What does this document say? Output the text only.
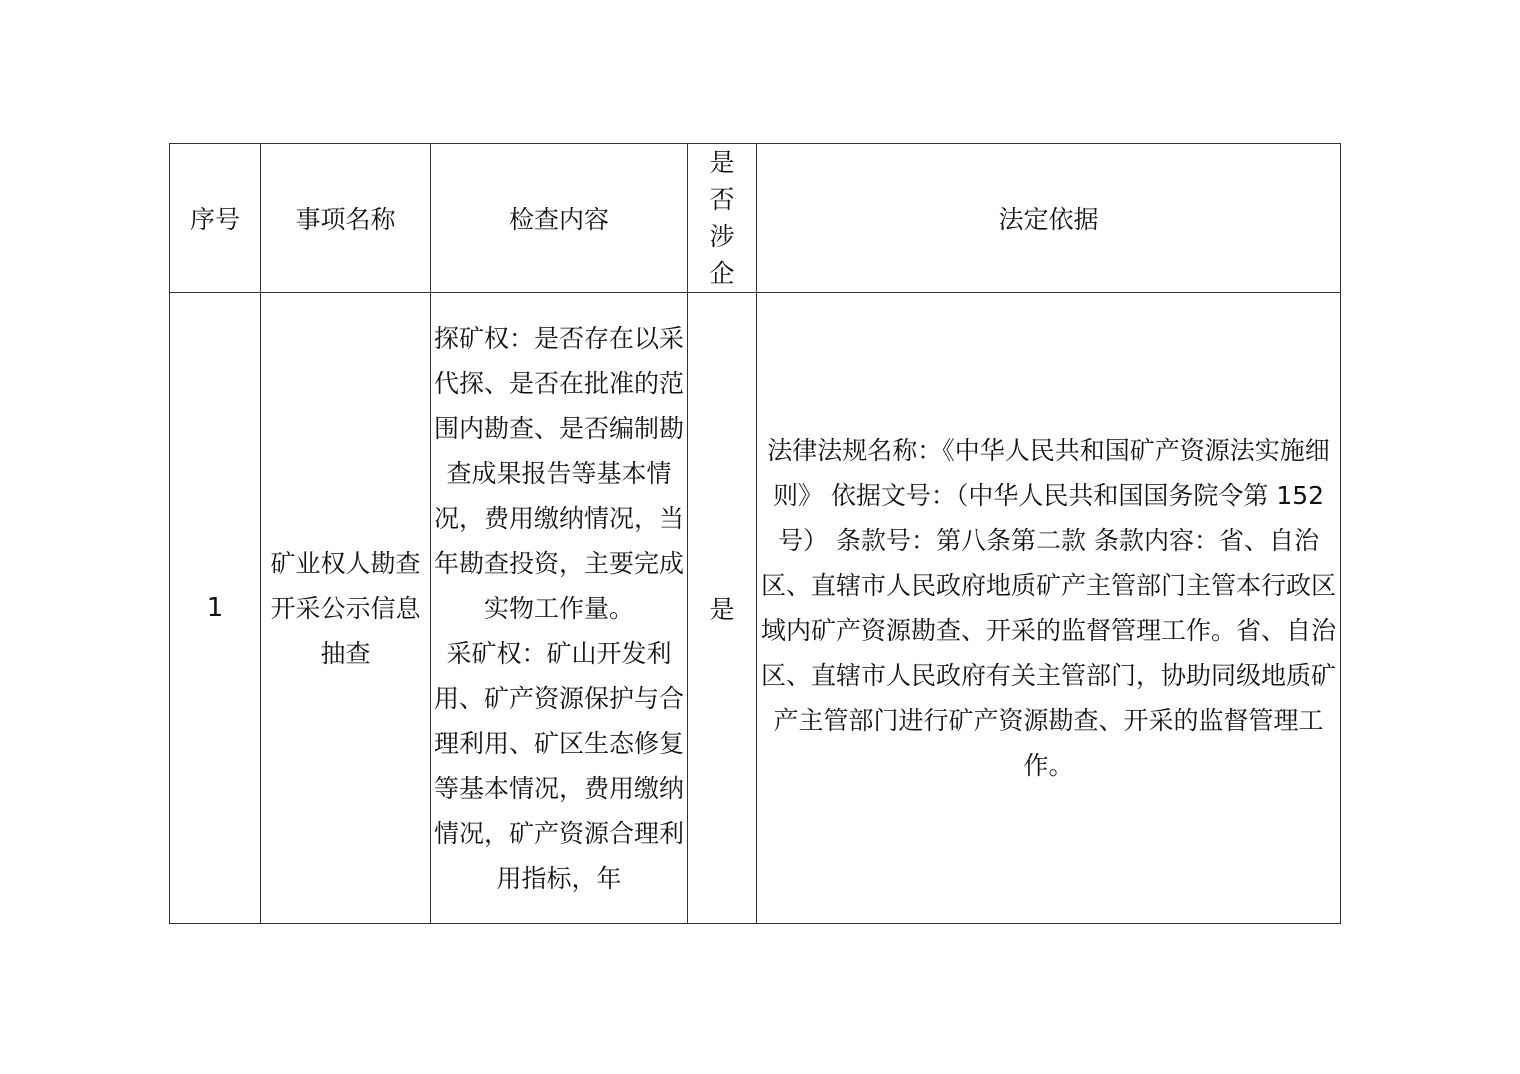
序号	事项名称	检查内容	是否涉企	法定依据
1	矿业权人勘查开采公示信息抽查	探矿权：是否存在以采代探、是否在批准的范围内勘查、是否编制勘查成果报告等基本情况，费用缴纳情况，当年勘查投资，主要完成实物工作量。
采矿权：矿山开发利用、矿产资源保护与合理利用、矿区生态修复等基本情况，费用缴纳情况，矿产资源合理利用指标，年	是	法律法规名称：《中华人民共和国矿产资源法实施细则》 依据文号：（中华人民共和国国务院令第 152 号） 条款号：第八条第二款 条款内容：省、自治区、直辖市人民政府地质矿产主管部门主管本行政区域内矿产资源勘查、开采的监督管理工作。省、自治区、直辖市人民政府有关主管部门，协助同级地质矿产主管部门进行矿产资源勘查、开采的监督管理工作。
